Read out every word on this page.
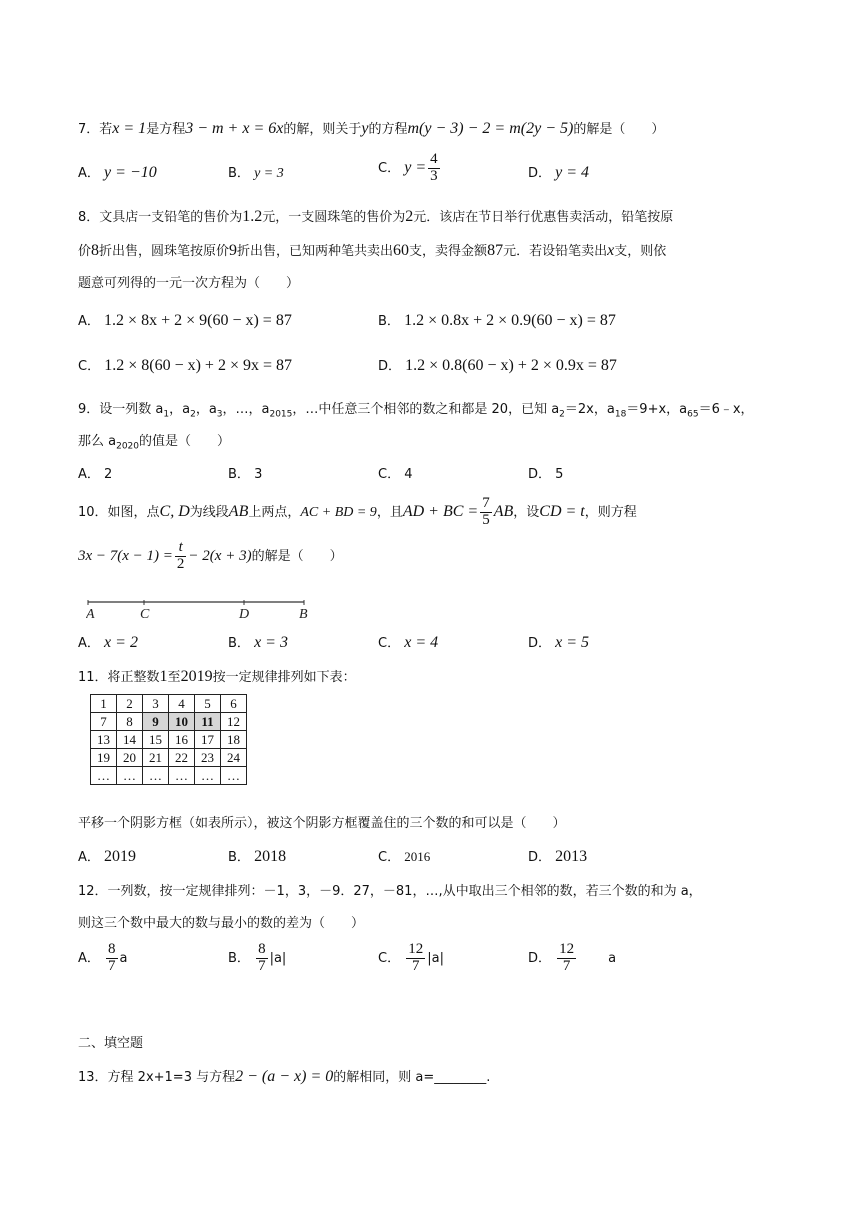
7．若x = 1是方程3 − m + x = 6x的解，则关于y的方程m(y − 3) − 2 = m(2y − 5)的解是（　　）
A． y = −10	B． y = 3	C． $y = \frac{4}{3}$	D． y = 4
8．文具店一支铅笔的售价为1.2元，一支圆珠笔的售价为2元．该店在节日举行优惠售卖活动，铅笔按原
价8折出售，圆珠笔按原价9折出售，已知两种笔共卖出60支，卖得金额87元．若设铅笔卖出x支，则依
题意可列得的一元一次方程为（　　）
A． 1.2 × 8x + 2 × 9(60 − x) = 87	B． 1.2 × 0.8x + 2 × 0.9(60 − x) = 87
C． 1.2 × 8(60 − x) + 2 × 9x = 87	D． 1.2 × 0.8(60 − x) + 2 × 0.9x = 87
9．设一列数 $a_1$，$a_2$，$a_3$，…，$a_{2015}$，…中任意三个相邻的数之和都是 20，已知 $a_2=2x$，$a_{18}=9+x$，$a_{65}=6﹣x$，
那么 $a_{2020}$的值是（　　）
A． 2	B． 3	C． 4	D． 5
10．如图，点C, D为线段AB上两点，AC + BD = 9，且AD + BC = $\frac{7}{5}$ AB，设CD = t，则方程
$3x - 7(x - 1) = \frac{t}{2} - 2(x + 3)$的解是（　　）
A	C	D	B
A． x = 2	B． x = 3	C． x = 4	D． x = 5
11．将正整数1至2019按一定规律排列如下表：
1	2	3	4	5	6
7	8	9	10	11	12
13	14	15	16	17	18
19	20	21	22	23	24
…	…	…	…	…	…
平移一个阴影方框（如表所示），被这个阴影方框覆盖住的三个数的和可以是（　　）
A． 2019	B． 2018	C． 2016	D． 2013
12．一列数，按一定规律排列：－1，3，－9．27，－81，…,从中取出三个相邻的数，若三个数的和为 a，
则这三个数中最大的数与最小的数的差为（　　）
A． $\frac{8}{7}$ a	B． $\frac{8}{7} |a|$	C． $\frac{12}{7} |a|$	D． $\frac{12}{7}$ a
二、填空题
13．方程 2x+1=3 与方程2 − (a − x) = 0的解相同，则 a=________.
